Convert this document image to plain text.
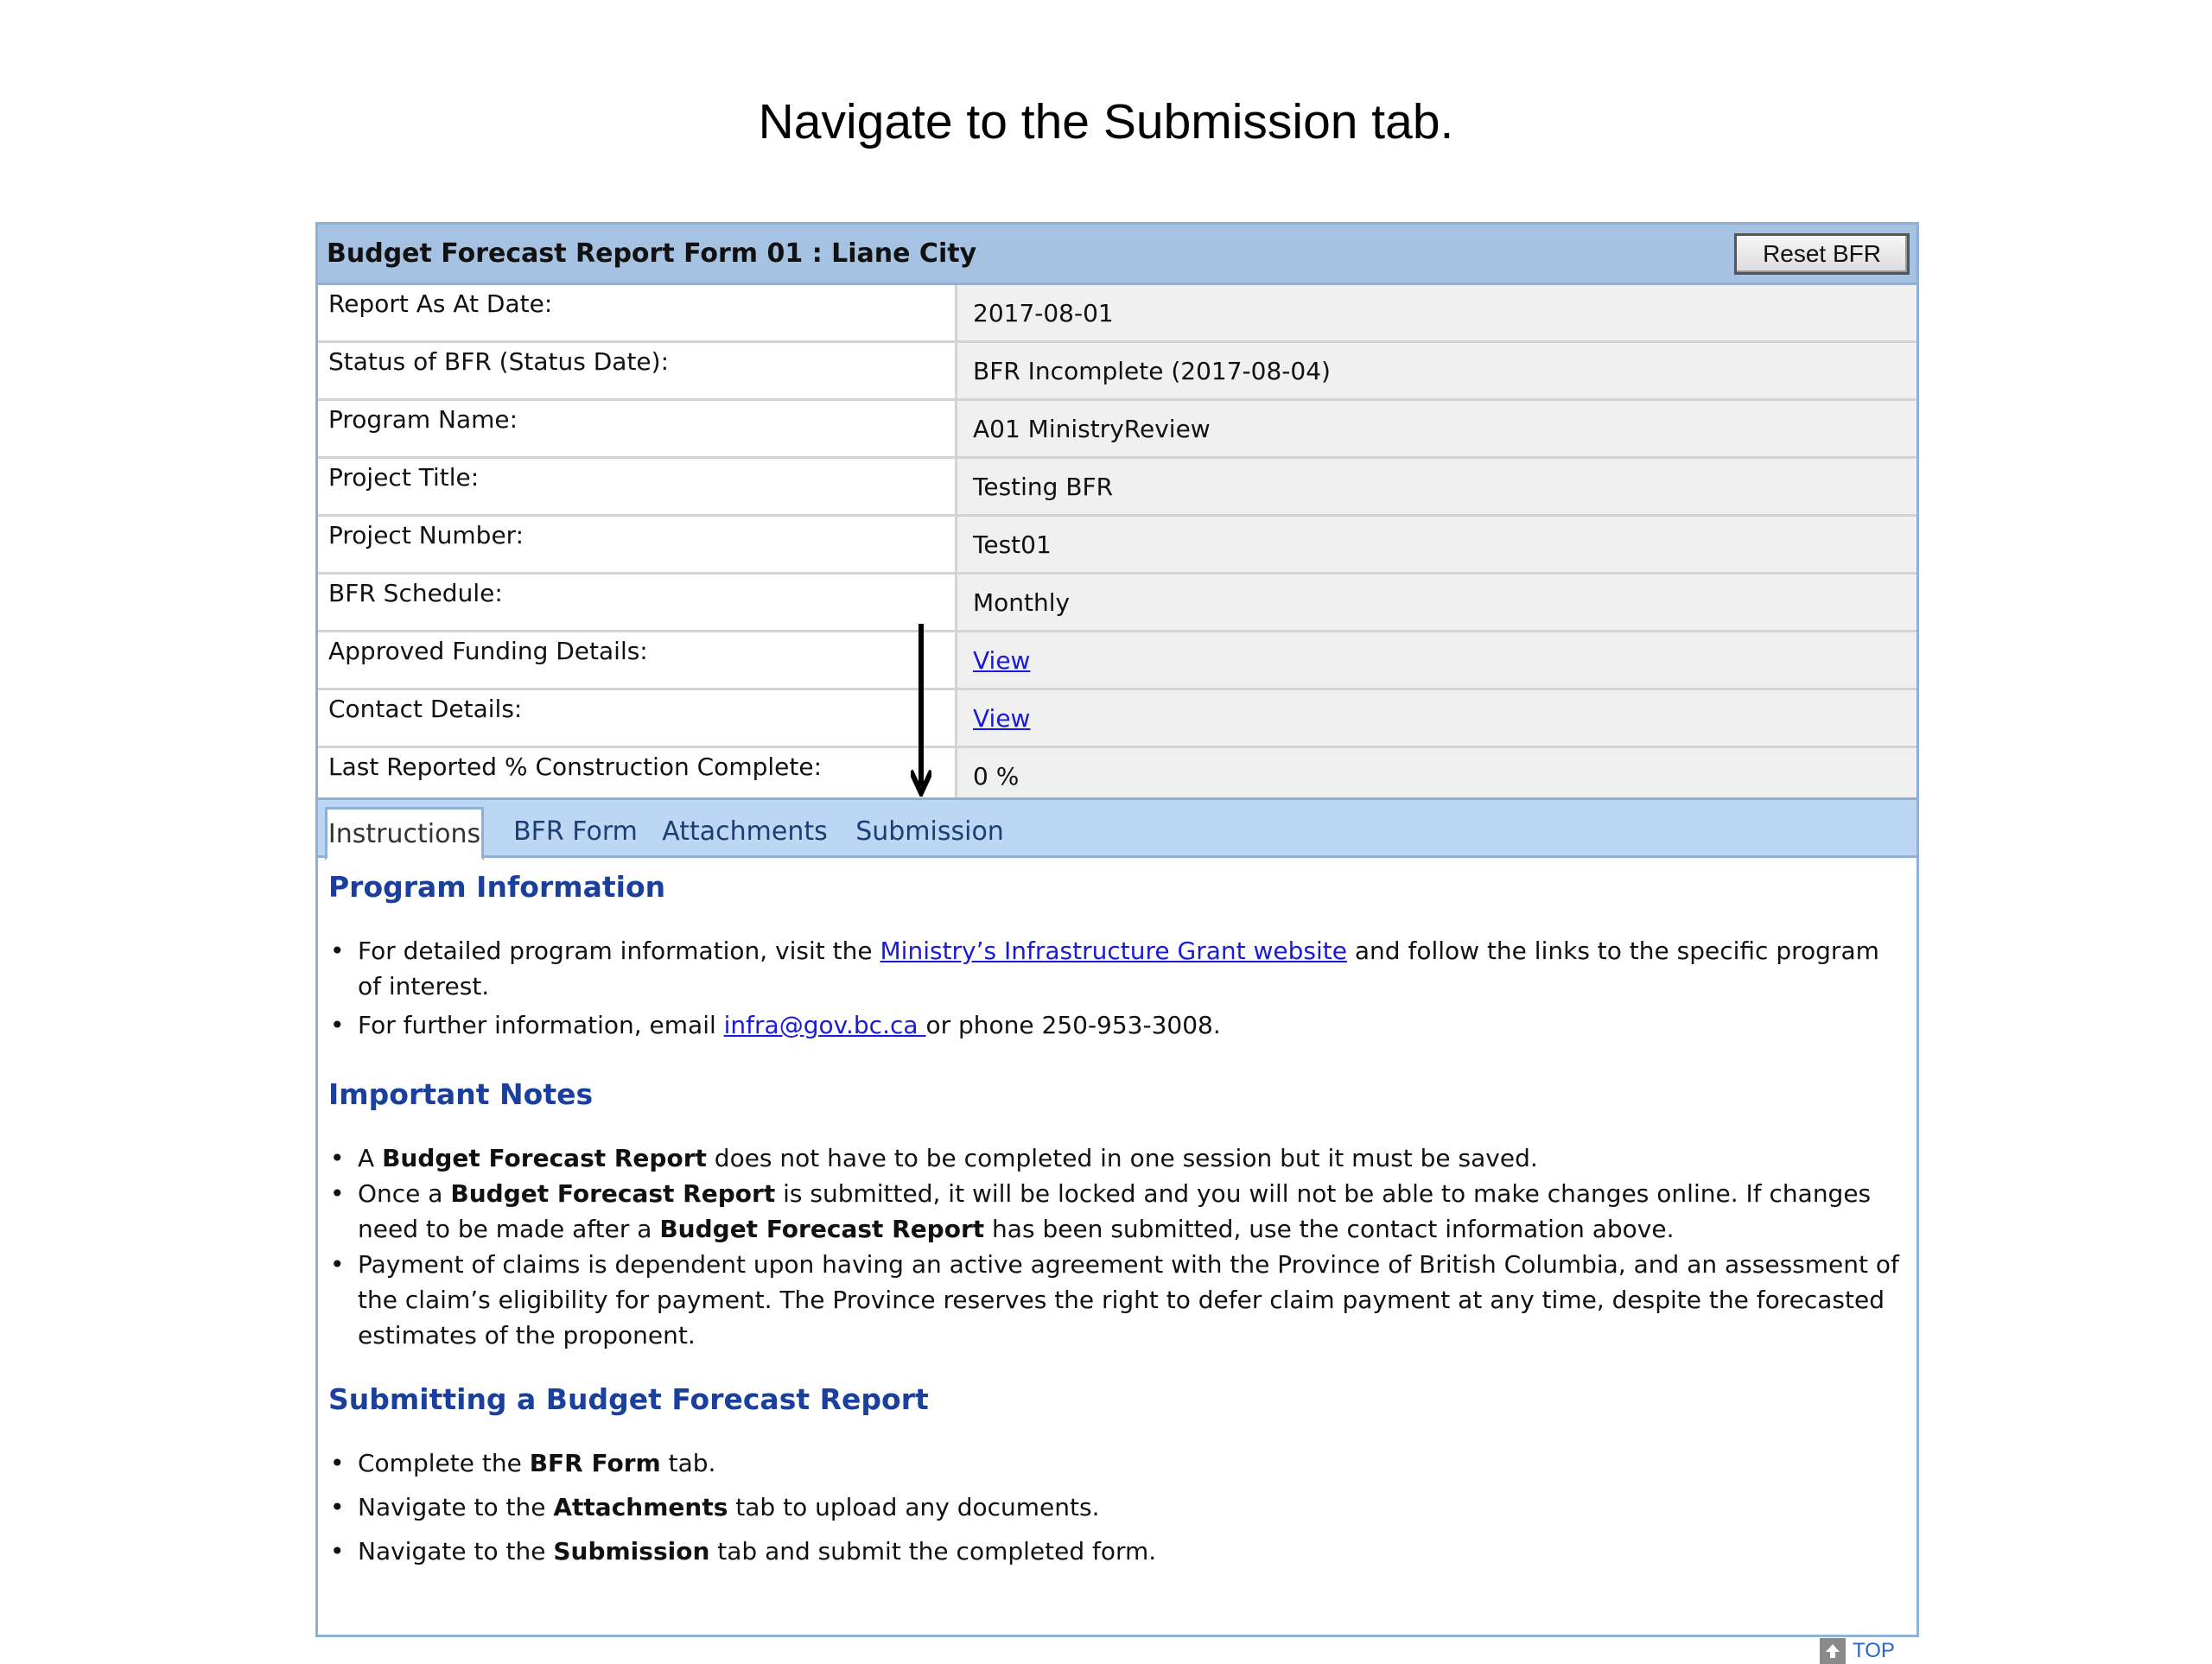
Navigate to the Submission tab.
Budget Forecast Report Form 01 : Liane City	Reset BFR
Report As At Date:	2017-08-01
Status of BFR (Status Date):	BFR Incomplete (2017-08-04)
Program Name:	A01 MinistryReview
Project Title:	Testing BFR
Project Number:	Test01
BFR Schedule:	Monthly
Approved Funding Details:	View
Contact Details:	View
Last Reported % Construction Complete:	0 %
Instructions BFR Form Attachments	Submission
Program Information
• For detailed program information, visit the Ministry’s Infrastructure Grant website and follow the links to the specific program of interest.
• For further information, email infra@gov.bc.ca or phone 250-953-3008.
Important Notes
• A Budget Forecast Report does not have to be completed in one session but it must be saved.
• Once a Budget Forecast Report is submitted, it will be locked and you will not be able to make changes online. If changes need to be made after a Budget Forecast Report has been submitted, use the contact information above.
• Payment of claims is dependent upon having an active agreement with the Province of British Columbia, and an assessment of the claim’s eligibility for payment. The Province reserves the right to defer claim payment at any time, despite the forecasted estimates of the proponent.
Submitting a Budget Forecast Report
• Complete the BFR Form tab.
• Navigate to the Attachments tab to upload any documents.
• Navigate to the Submission tab and submit the completed form.
TOP
